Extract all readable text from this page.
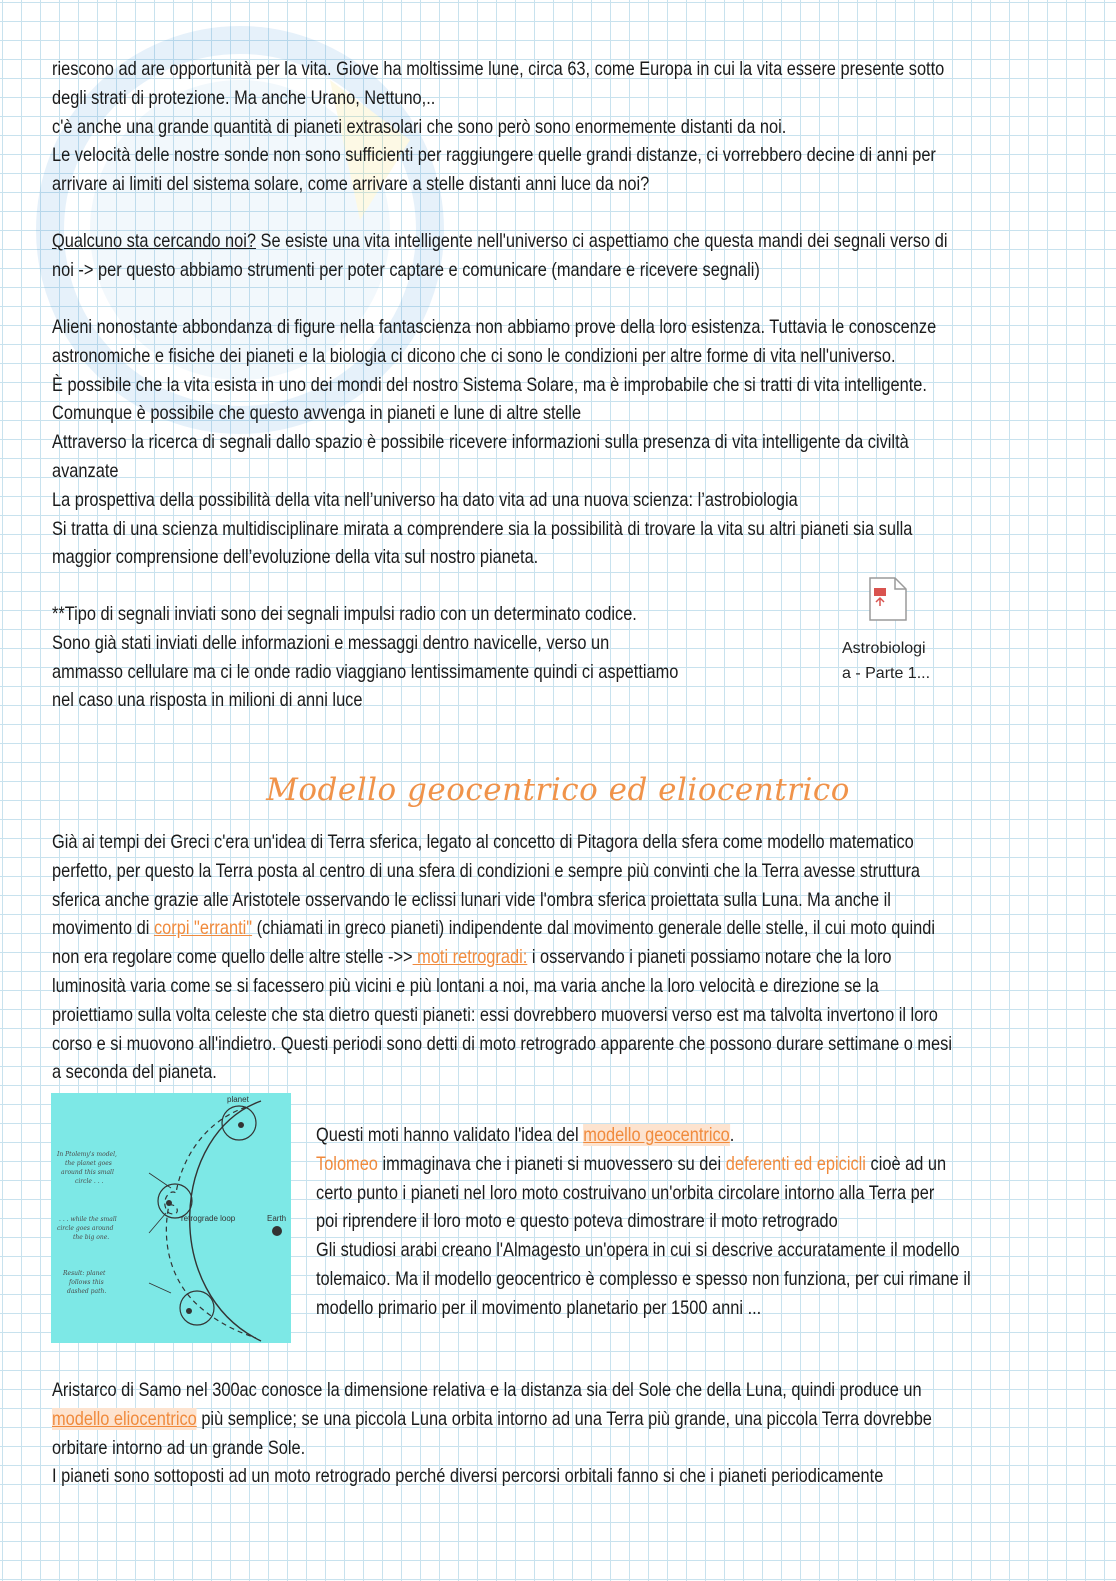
riescono ad are opportunità per la vita. Giove ha moltissime lune, circa 63, come Europa in cui la vita essere presente sotto

degli strati di protezione. Ma anche Urano, Nettuno,..

c'è anche una grande quantità di pianeti extrasolari che sono però sono enormemente distanti da noi.

Le velocità delle nostre sonde non sono sufficienti per raggiungere quelle grandi distanze, ci vorrebbero decine di anni per

arrivare ai limiti del sistema solare, come arrivare a stelle distanti anni luce da noi?

Qualcuno sta cercando noi? Se esiste una vita intelligente nell'universo ci aspettiamo che questa mandi dei segnali verso di

noi -> per questo abbiamo strumenti per poter captare e comunicare (mandare e ricevere segnali)

Alieni nonostante abbondanza di figure nella fantascienza non abbiamo prove della loro esistenza. Tuttavia le conoscenze

astronomiche e fisiche dei pianeti e la biologia ci dicono che ci sono le condizioni per altre forme di vita nell'universo.

È possibile che la vita esista in uno dei mondi del nostro Sistema Solare, ma è improbabile che si tratti di vita intelligente.

Comunque è possibile che questo avvenga in pianeti e lune di altre stelle

Attraverso la ricerca di segnali dallo spazio è possibile ricevere informazioni sulla presenza di vita intelligente da civiltà

avanzate

La prospettiva della possibilità della vita nell’universo ha dato vita ad una nuova scienza: l’astrobiologia

Si tratta di una scienza multidisciplinare mirata a comprendere sia la possibilità di trovare la vita su altri pianeti sia sulla

maggior comprensione dell’evoluzione della vita sul nostro pianeta.

**Tipo di segnali inviati sono dei segnali impulsi radio con un determinato codice.

Sono già stati inviati delle informazioni e messaggi dentro navicelle, verso un

ammasso cellulare ma ci le onde radio viaggiano lentissimamente quindi ci aspettiamo

nel caso una risposta in milioni di anni luce

Astrobiologi
a - Parte 1...
Modello geocentrico ed eliocentrico

Già ai tempi dei Greci c'era un'idea di Terra sferica, legato al concetto di Pitagora della sfera come modello matematico

perfetto, per questo la Terra posta al centro di una sfera di condizioni e sempre più convinti che la Terra avesse struttura

sferica anche grazie alle Aristotele osservando le eclissi lunari vide l'ombra sferica proiettata sulla Luna. Ma anche il

movimento di corpi "erranti" (chiamati in greco pianeti) indipendente dal movimento generale delle stelle, il cui moto quindi

non era regolare come quello delle altre stelle ->> moti retrogradi: i osservando i pianeti possiamo notare che la loro

luminosità varia come se si facessero più vicini e più lontani a noi, ma varia anche la loro velocità e direzione se la

proiettiamo sulla volta celeste che sta dietro questi pianeti: essi dovrebbero muoversi verso est ma talvolta invertono il loro

corso e si muovono all'indietro. Questi periodi sono detti di moto retrogrado apparente che possono durare settimane o mesi

a seconda del pianeta.

planet
retrograde loop	Earth
In Ptolemy's model,
the planet goes
around this small
circle . . .
. . . while the small
circle goes around
the big one.
Result: planet
follows this
dashed path.

Questi moti hanno validato l'idea del modello geocentrico.

Tolomeo immaginava che i pianeti si muovessero su dei deferenti ed epicicli cioè ad un

certo punto i pianeti nel loro moto costruivano un'orbita circolare intorno alla Terra per

poi riprendere il loro moto e questo poteva dimostrare il moto retrogrado

Gli studiosi arabi creano l'Almagesto un'opera in cui si descrive accuratamente il modello

tolemaico. Ma il modello geocentrico è complesso e spesso non funziona, per cui rimane il

modello primario per il movimento planetario per 1500 anni ...

Aristarco di Samo nel 300ac conosce la dimensione relativa e la distanza sia del Sole che della Luna, quindi produce un

modello eliocentrico più semplice; se una piccola Luna orbita intorno ad una Terra più grande, una piccola Terra dovrebbe

orbitare intorno ad un grande Sole.

I pianeti sono sottoposti ad un moto retrogrado perché diversi percorsi orbitali fanno si che i pianeti periodicamente
